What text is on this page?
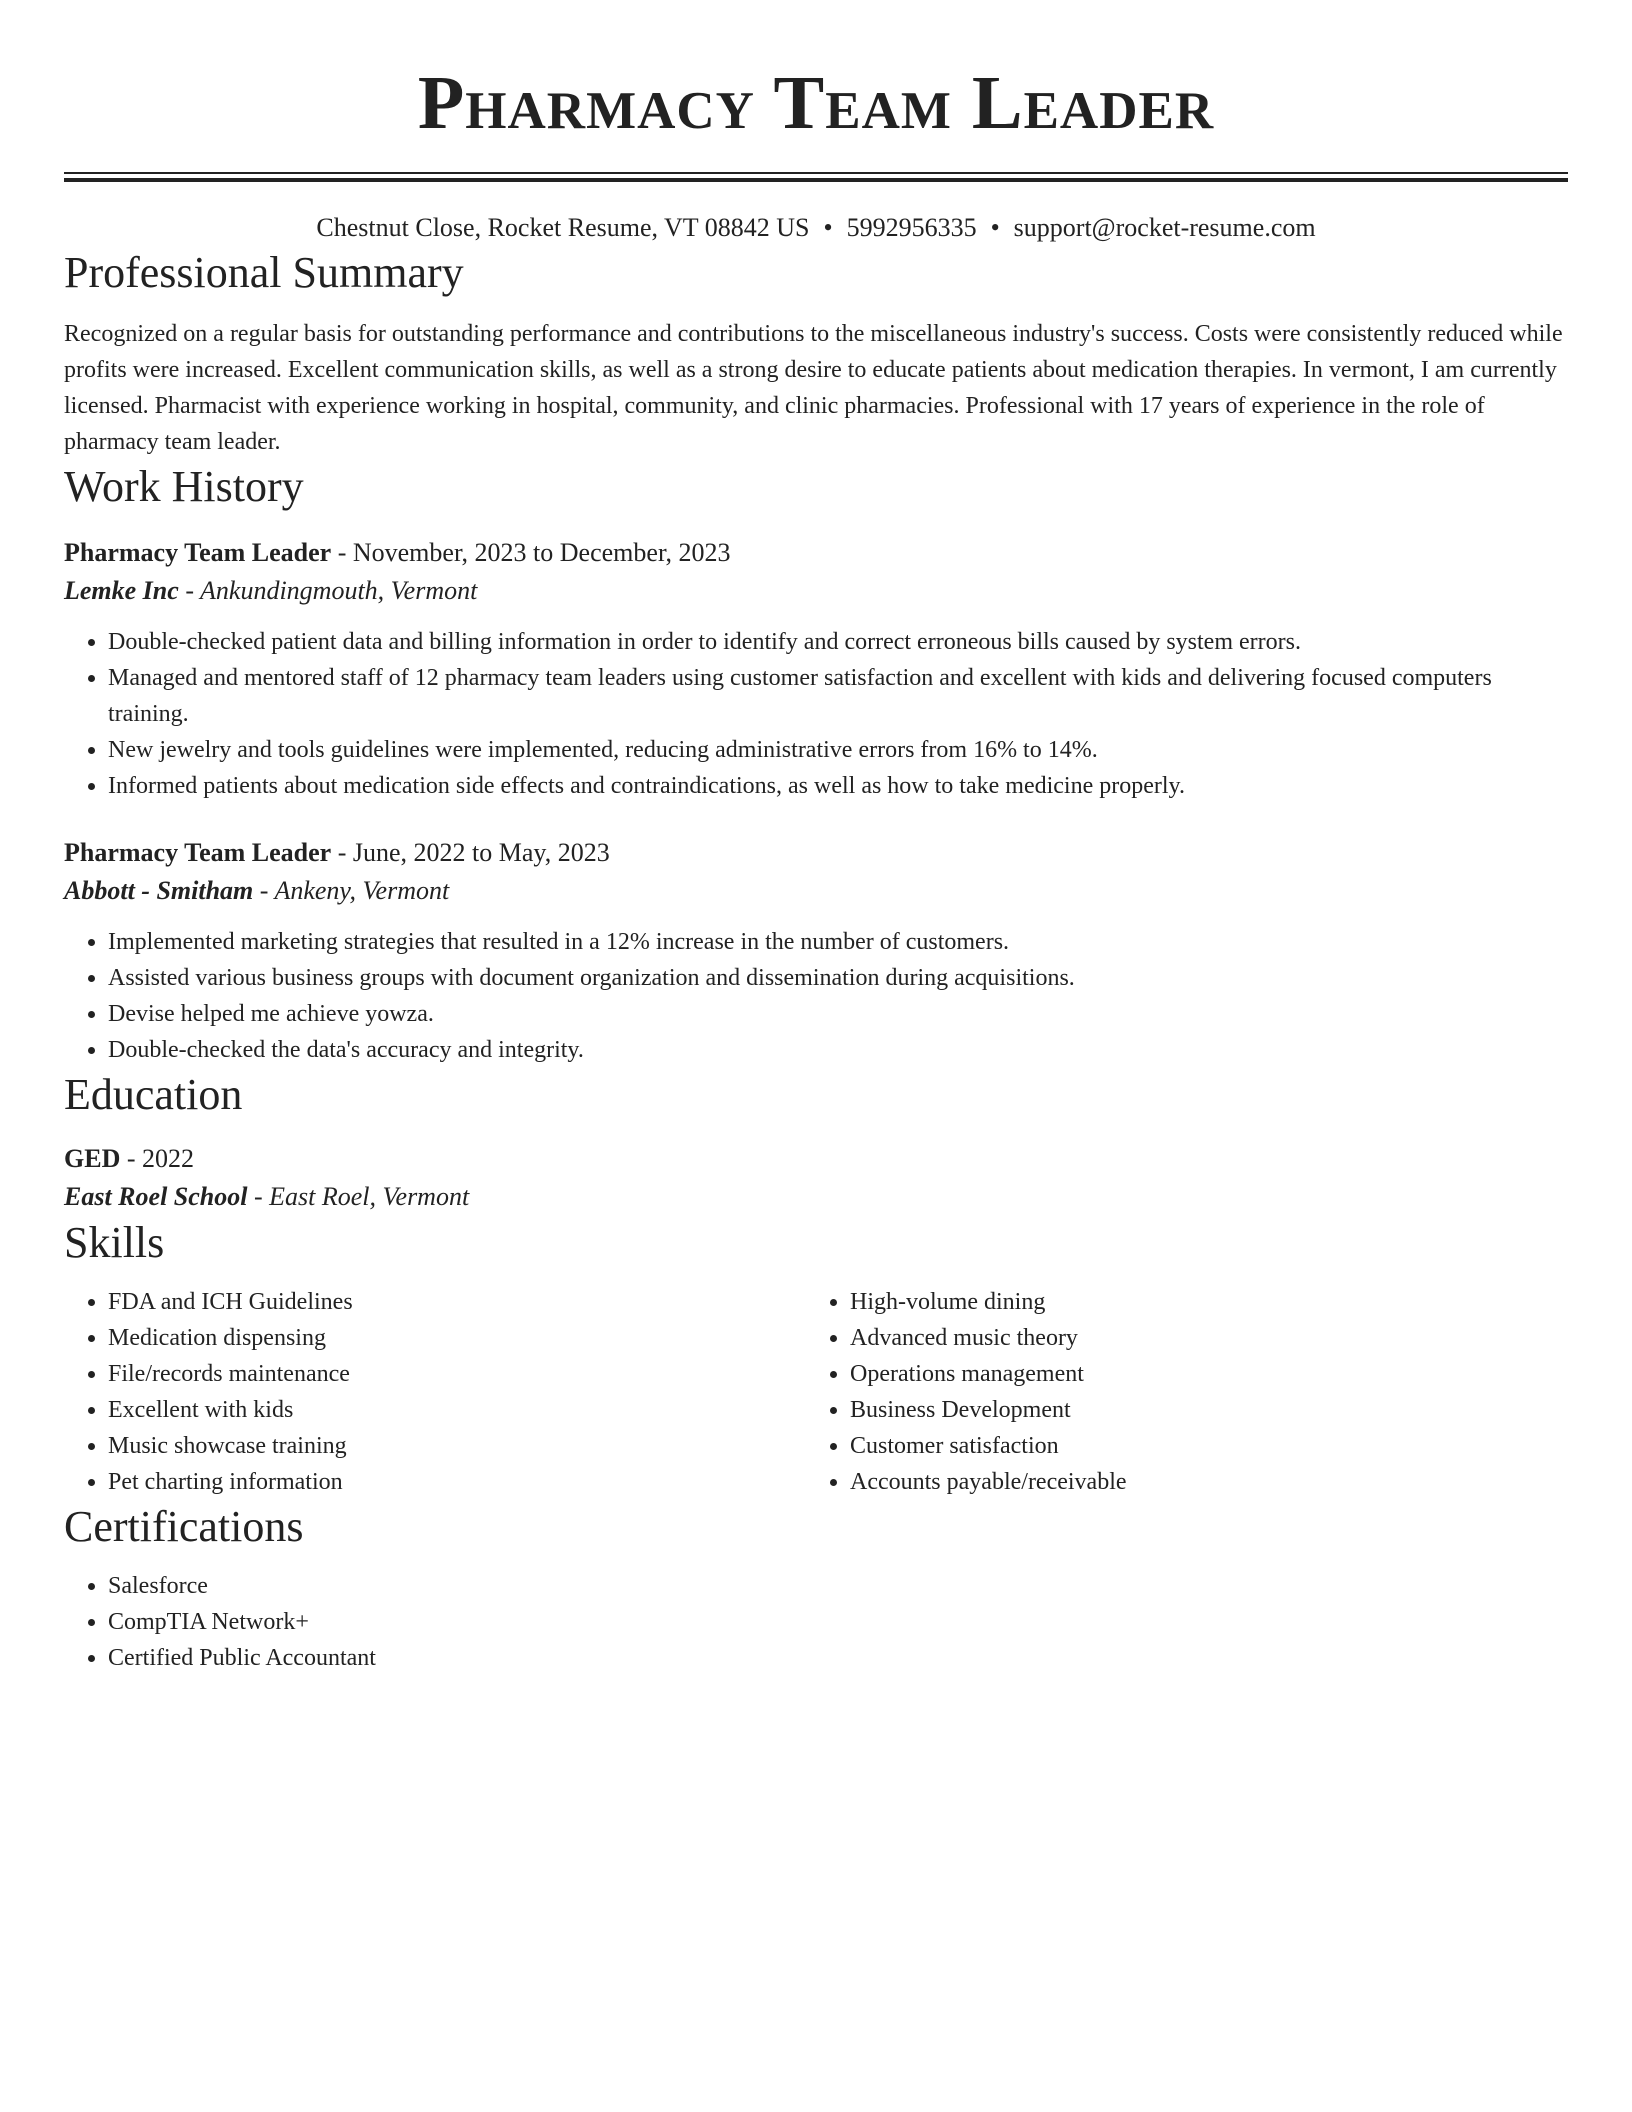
Pharmacy Team Leader
Chestnut Close, Rocket Resume, VT 08842 US • 5992956335 • support@rocket-resume.com
Professional Summary
Recognized on a regular basis for outstanding performance and contributions to the miscellaneous industry's success. Costs were consistently reduced while profits were increased. Excellent communication skills, as well as a strong desire to educate patients about medication therapies. In vermont, I am currently licensed. Pharmacist with experience working in hospital, community, and clinic pharmacies. Professional with 17 years of experience in the role of pharmacy team leader.
Work History
Pharmacy Team Leader - November, 2023 to December, 2023
Lemke Inc - Ankundingmouth, Vermont
• Double-checked patient data and billing information in order to identify and correct erroneous bills caused by system errors.
• Managed and mentored staff of 12 pharmacy team leaders using customer satisfaction and excellent with kids and delivering focused computers training.
• New jewelry and tools guidelines were implemented, reducing administrative errors from 16% to 14%.
• Informed patients about medication side effects and contraindications, as well as how to take medicine properly.
Pharmacy Team Leader - June, 2022 to May, 2023
Abbott - Smitham - Ankeny, Vermont
• Implemented marketing strategies that resulted in a 12% increase in the number of customers.
• Assisted various business groups with document organization and dissemination during acquisitions.
• Devise helped me achieve yowza.
• Double-checked the data's accuracy and integrity.
Education
GED - 2022
East Roel School - East Roel, Vermont
Skills
• FDA and ICH Guidelines
• Medication dispensing
• File/records maintenance
• Excellent with kids
• Music showcase training
• Pet charting information
• High-volume dining
• Advanced music theory
• Operations management
• Business Development
• Customer satisfaction
• Accounts payable/receivable
Certifications
• Salesforce
• CompTIA Network+
• Certified Public Accountant
